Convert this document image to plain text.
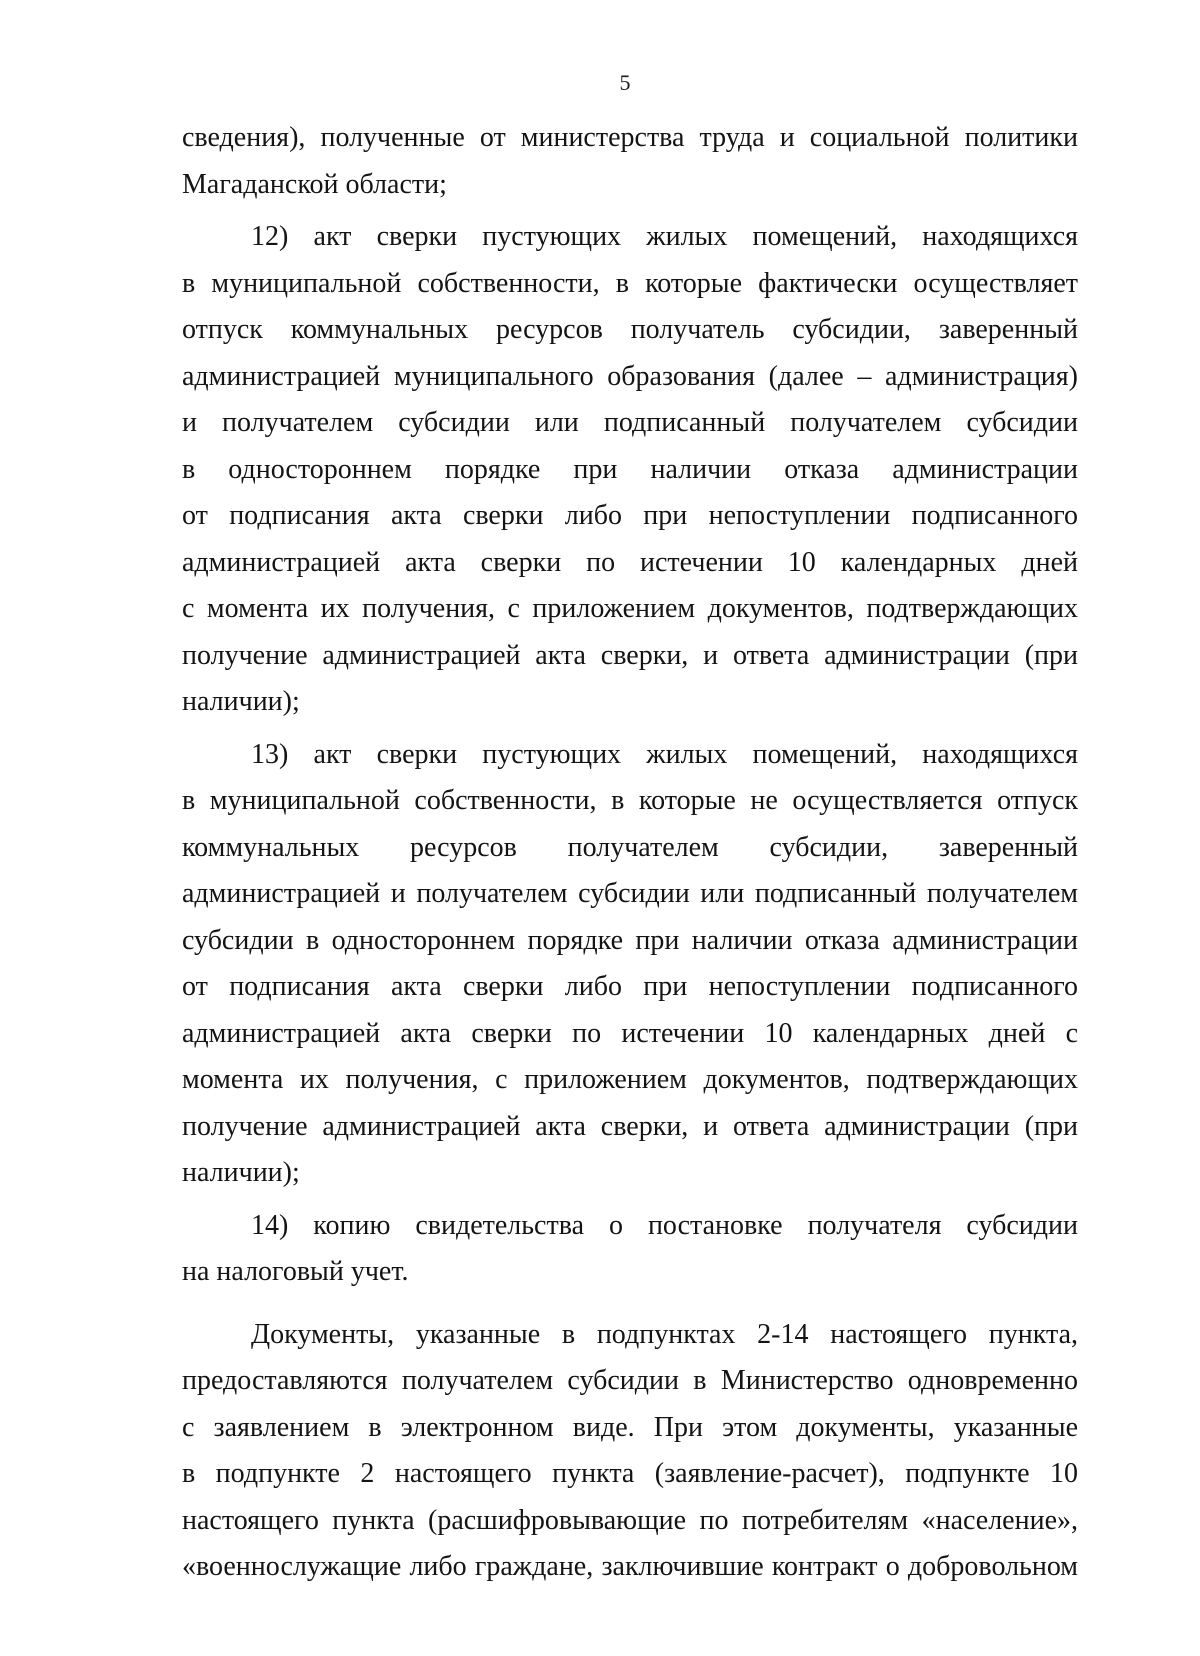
5
сведения), полученные от министерства труда и социальной политики
Магаданской области;
12) акт сверки пустующих жилых помещений, находящихся
в муниципальной собственности, в которые фактически осуществляет
отпуск коммунальных ресурсов получатель субсидии, заверенный
администрацией муниципального образования (далее – администрация)
и получателем субсидии или подписанный получателем субсидии
в одностороннем порядке при наличии отказа администрации
от подписания акта сверки либо при непоступлении подписанного
администрацией акта сверки по истечении 10 календарных дней
с момента их получения, с приложением документов, подтверждающих
получение администрацией акта сверки, и ответа администрации (при
наличии);
13) акт сверки пустующих жилых помещений, находящихся
в муниципальной собственности, в которые не осуществляется отпуск
коммунальных ресурсов получателем субсидии, заверенный
администрацией и получателем субсидии или подписанный получателем
субсидии в одностороннем порядке при наличии отказа администрации
от подписания акта сверки либо при непоступлении подписанного
администрацией акта сверки по истечении 10 календарных дней с
момента их получения, с приложением документов, подтверждающих
получение администрацией акта сверки, и ответа администрации (при
наличии);
14) копию свидетельства о постановке получателя субсидии
на налоговый учет.
Документы, указанные в подпунктах 2-14 настоящего пункта,
предоставляются получателем субсидии в Министерство одновременно
с заявлением в электронном виде. При этом документы, указанные
в подпункте 2 настоящего пункта (заявление-расчет), подпункте 10
настоящего пункта (расшифровывающие по потребителям «население»,
«военнослужащие либо граждане, заключившие контракт о добровольном
